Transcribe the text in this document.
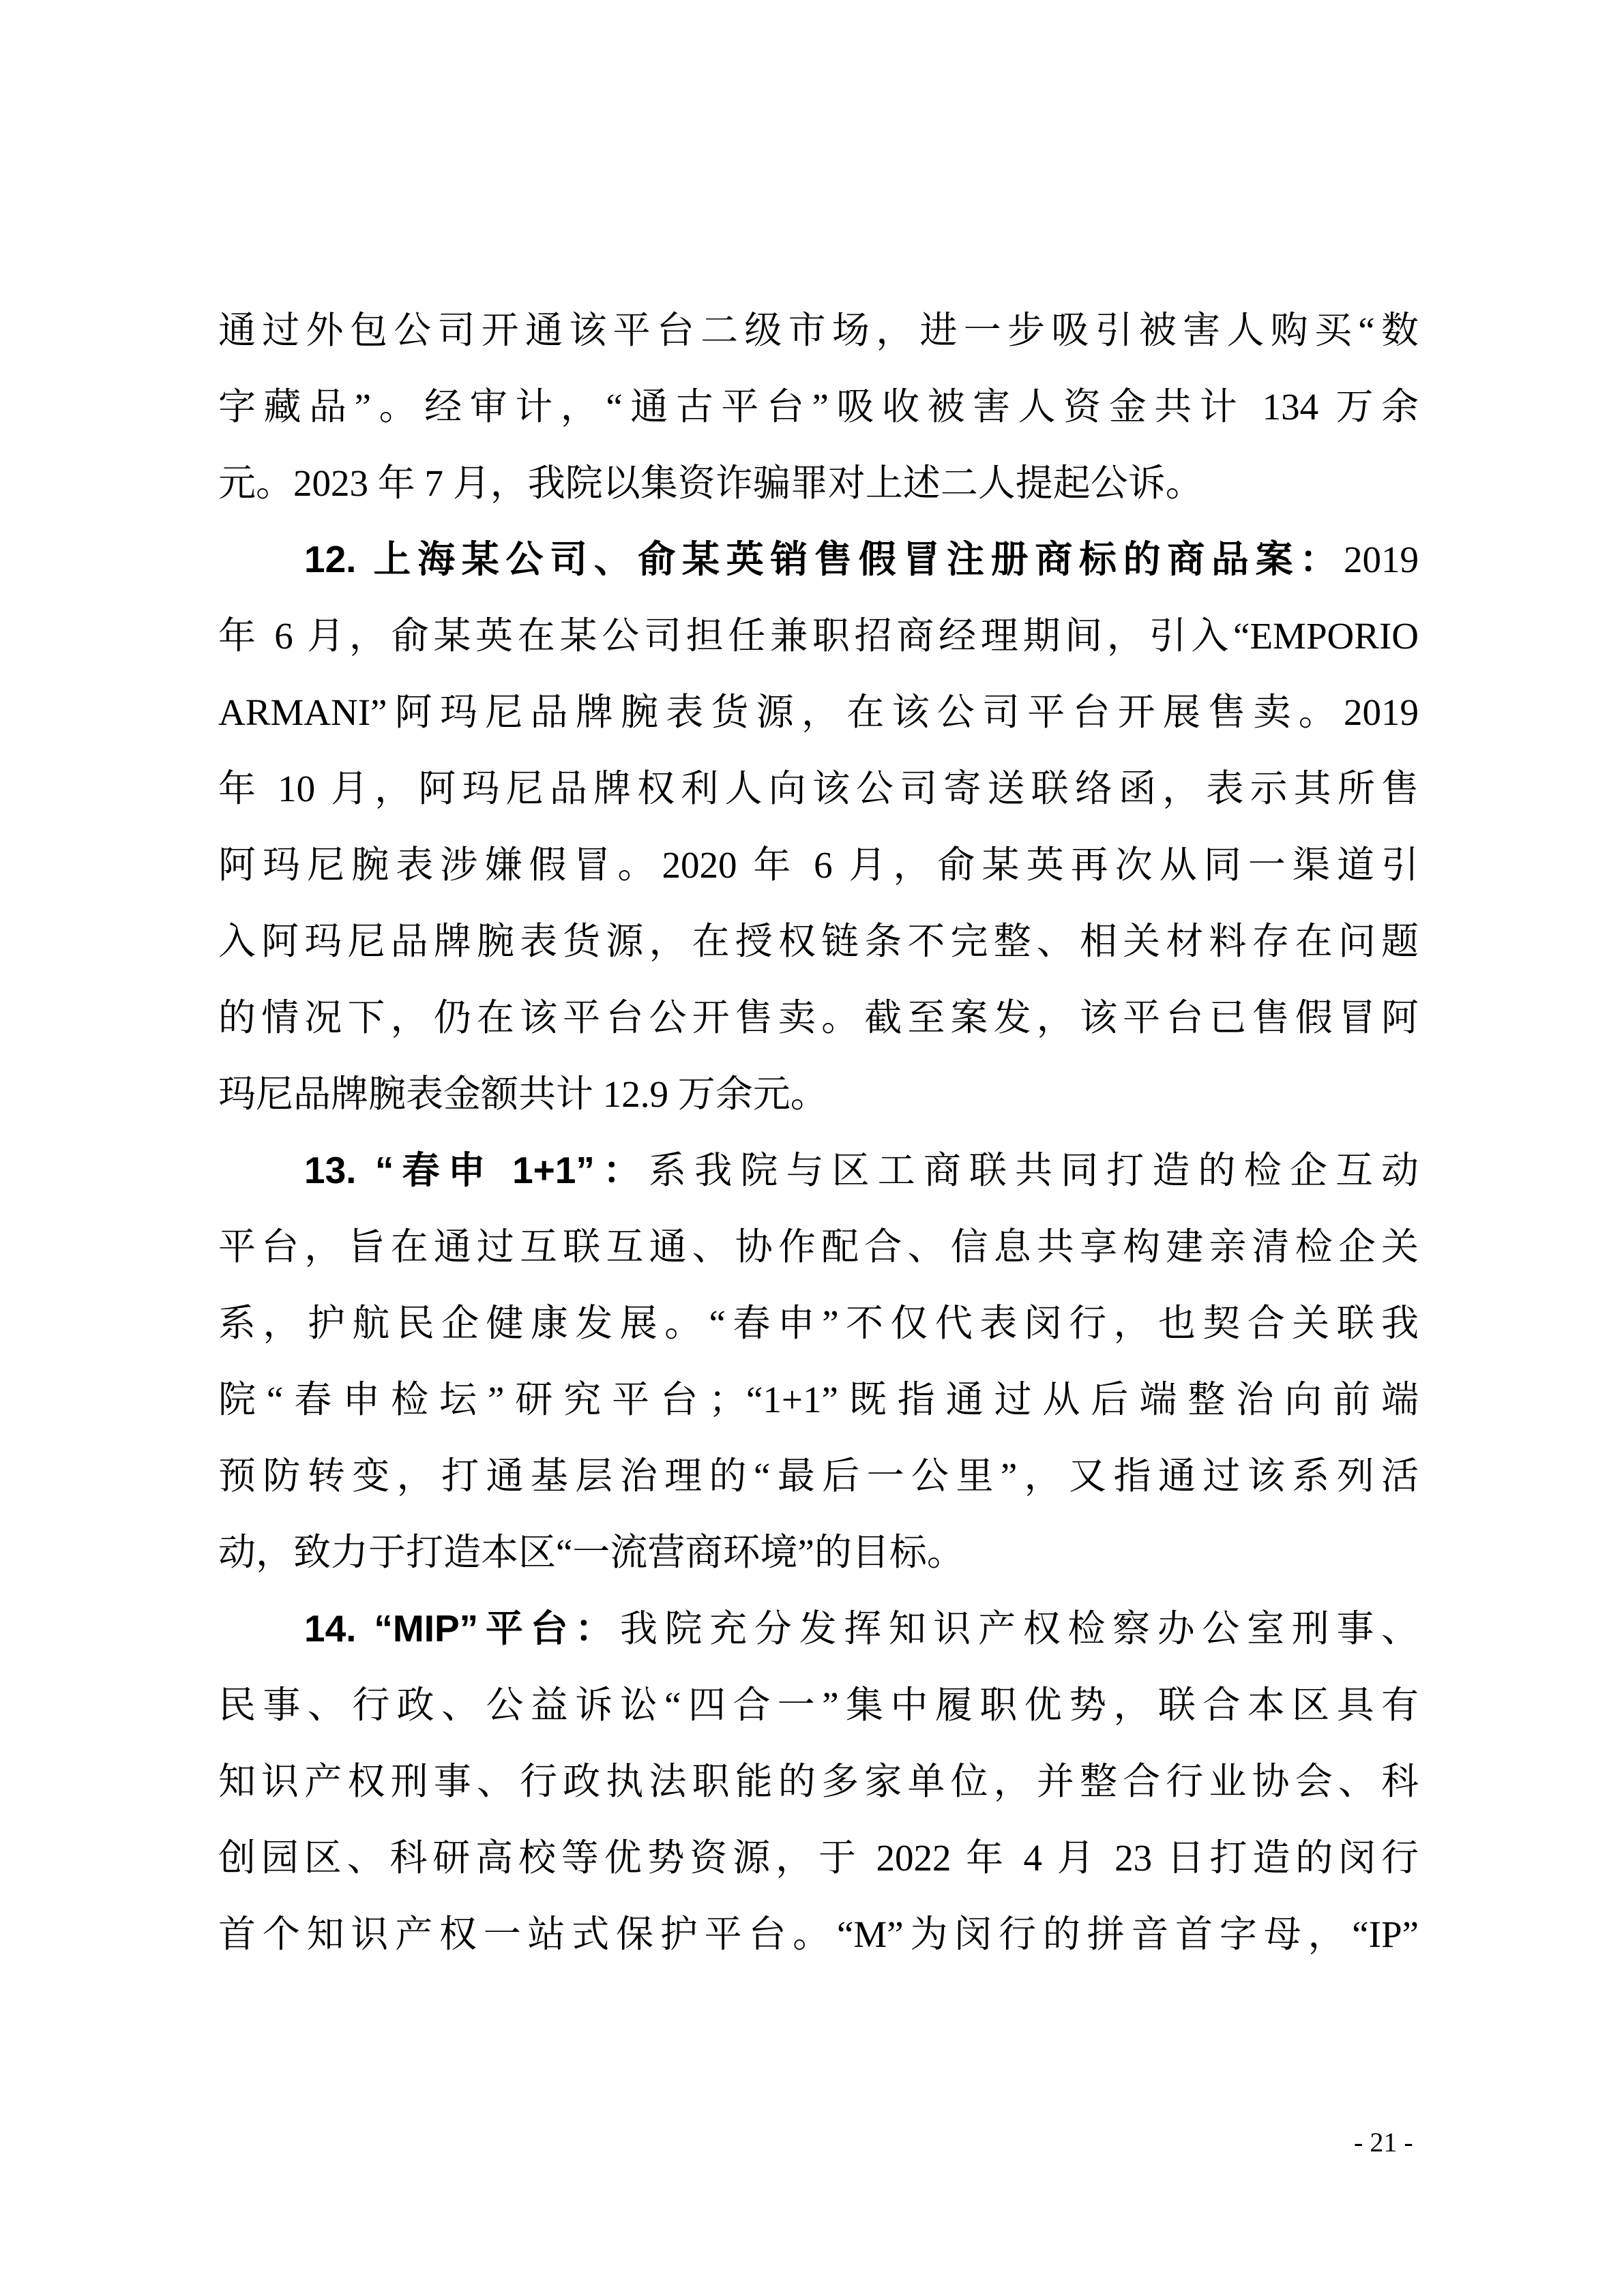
通过外包公司开通该平台二级市场，进一步吸引被害人购买“数
字藏品”。经审计，“通古平台”吸收被害人资金共计 134 万余
元。2023 年 7 月，我院以集资诈骗罪对上述二人提起公诉。
12. 上海某公司、俞某英销售假冒注册商标的商品案：2019
年 6 月，俞某英在某公司担任兼职招商经理期间，引入“EMPORIO
ARMANI”阿玛尼品牌腕表货源，在该公司平台开展售卖。2019
年 10 月，阿玛尼品牌权利人向该公司寄送联络函，表示其所售
阿玛尼腕表涉嫌假冒。2020 年 6 月，俞某英再次从同一渠道引
入阿玛尼品牌腕表货源，在授权链条不完整、相关材料存在问题
的情况下，仍在该平台公开售卖。截至案发，该平台已售假冒阿
玛尼品牌腕表金额共计 12.9 万余元。
13. “春申 1+1”：系我院与区工商联共同打造的检企互动
平台，旨在通过互联互通、协作配合、信息共享构建亲清检企关
系，护航民企健康发展。“春申”不仅代表闵行，也契合关联我
院“春申检坛”研究平台；“1+1”既指通过从后端整治向前端
预防转变，打通基层治理的“最后一公里”，又指通过该系列活
动，致力于打造本区“一流营商环境”的目标。
14. “MIP”平台：我院充分发挥知识产权检察办公室刑事、
民事、行政、公益诉讼“四合一”集中履职优势，联合本区具有
知识产权刑事、行政执法职能的多家单位，并整合行业协会、科
创园区、科研高校等优势资源，于 2022 年 4 月 23 日打造的闵行
首个知识产权一站式保护平台。“M”为闵行的拼音首字母，“IP”
- 21 -
